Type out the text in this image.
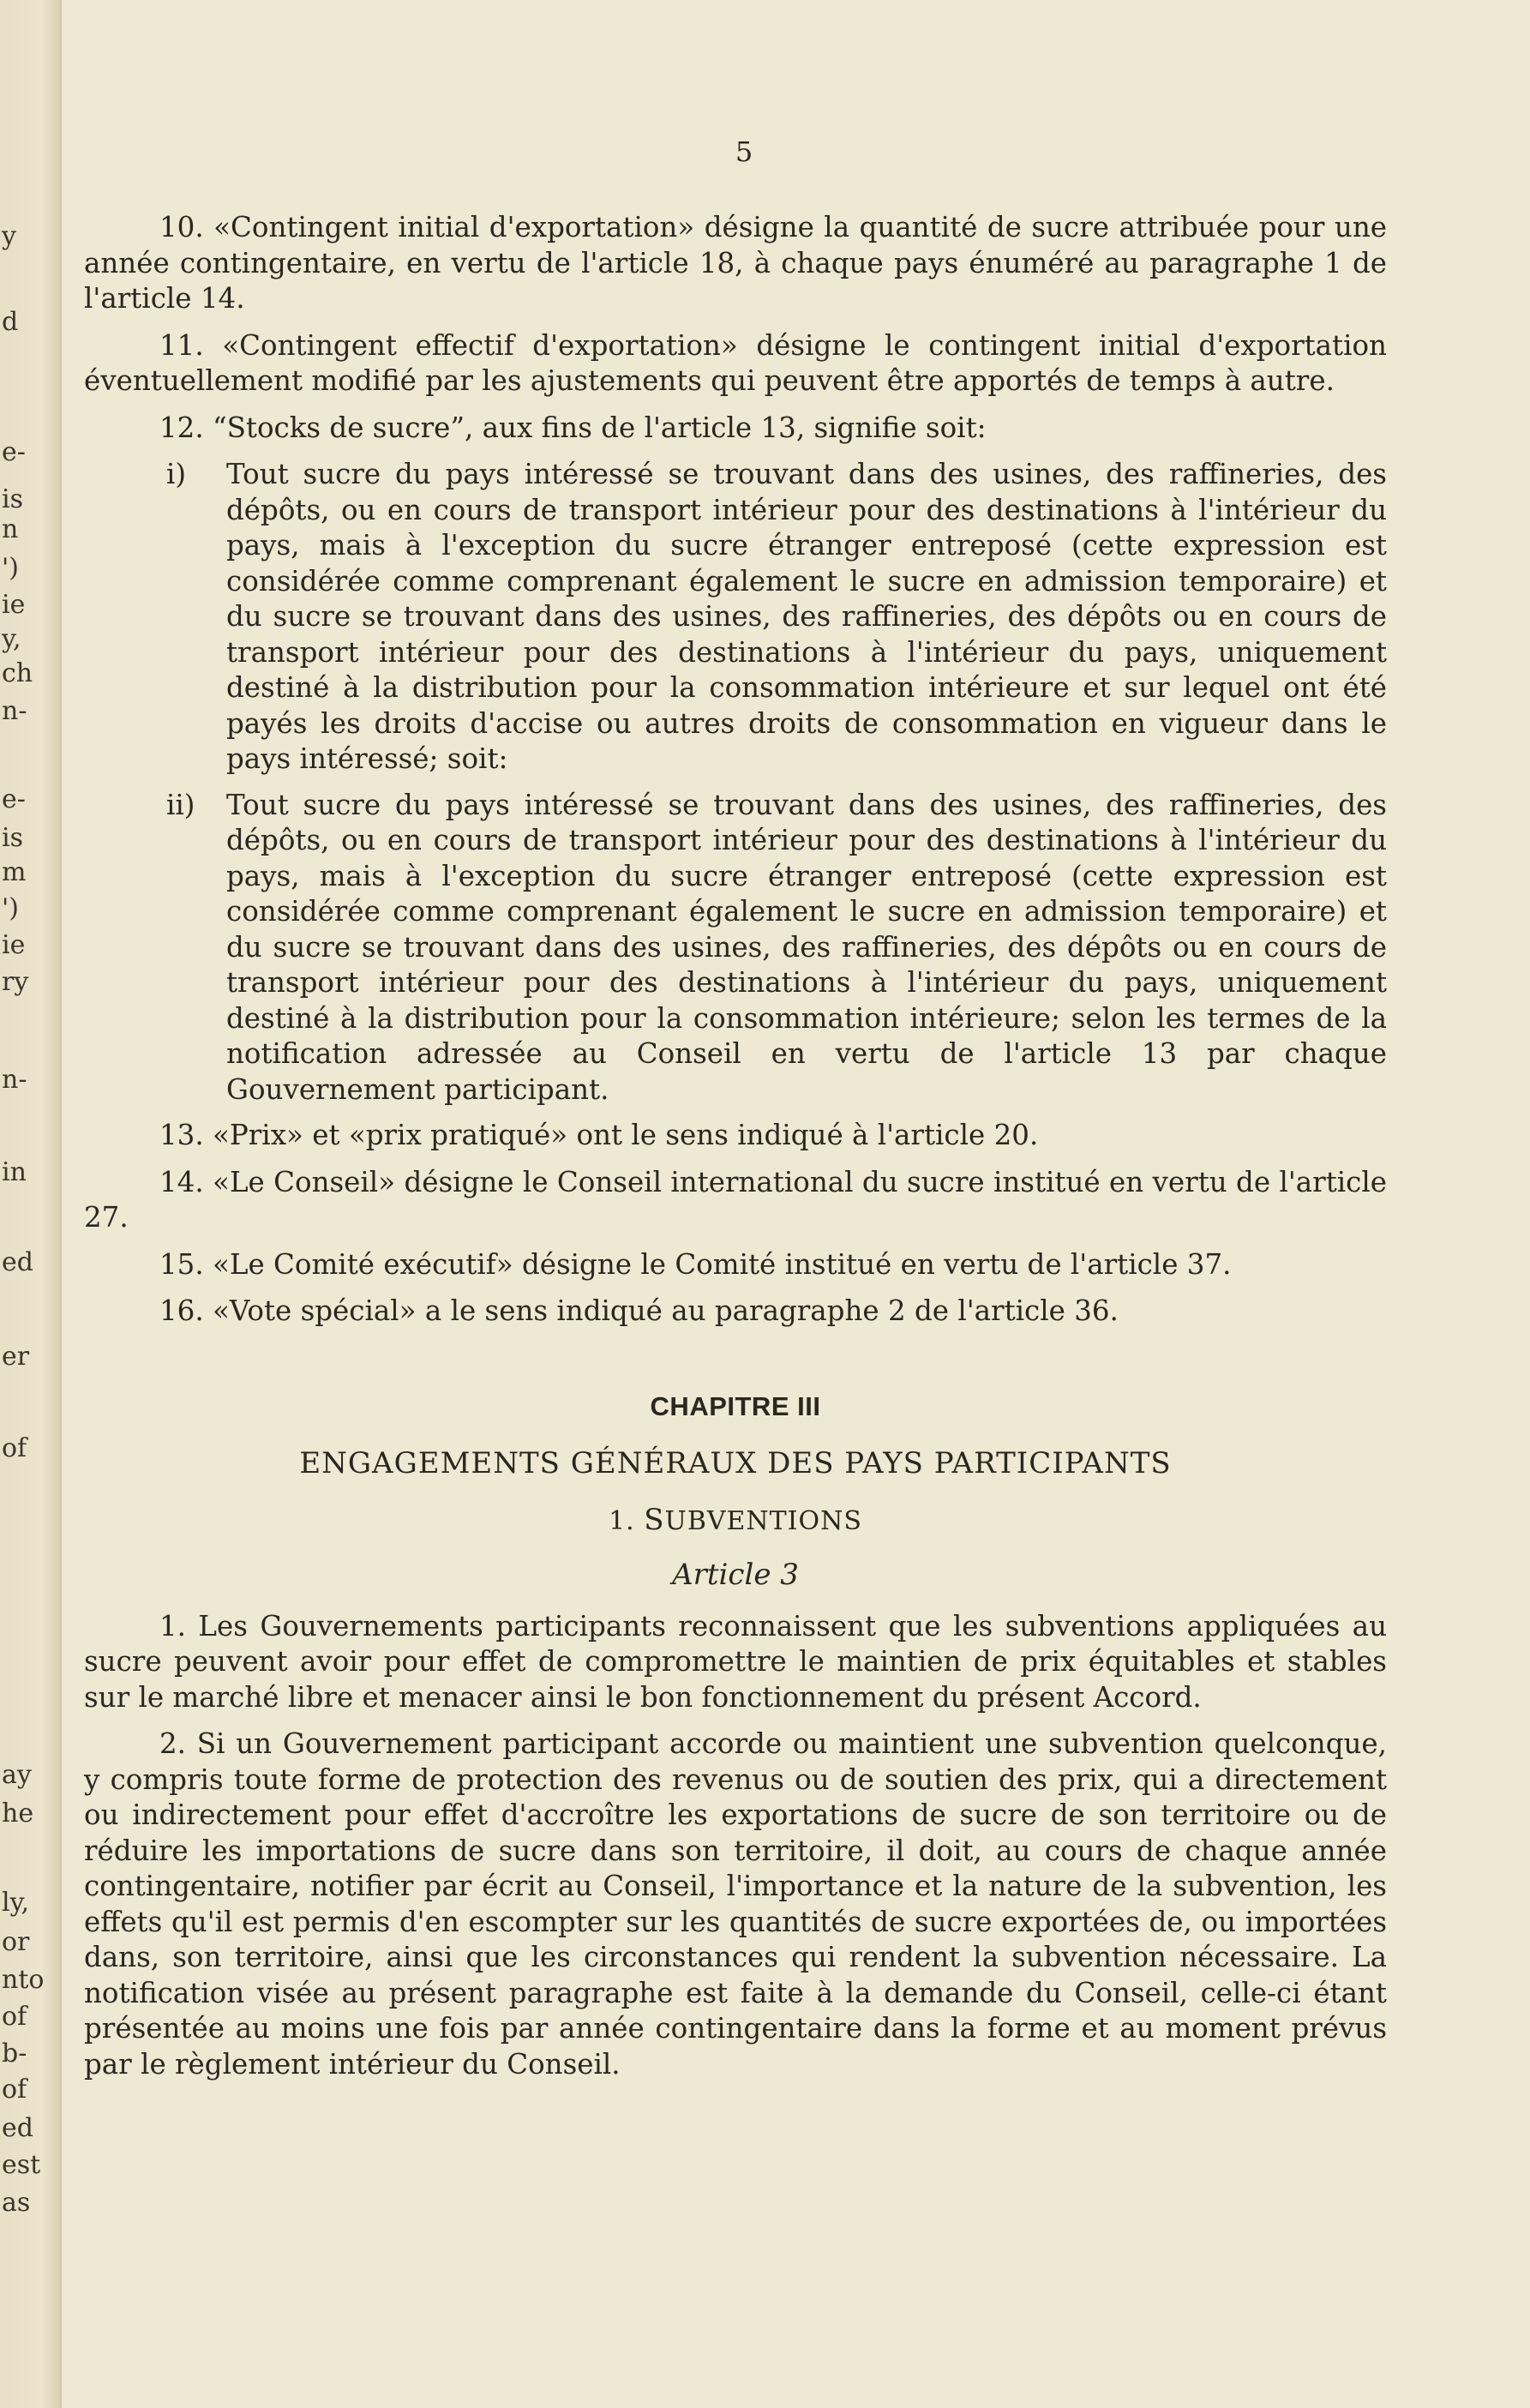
y
d
e-
is
n
')
ie
y,
ch
n-
e-
is
m
')
ie
ry
n-
in
ed
er
of
ay
he
ly,
or
nto
of
b-
of
ed
est
as
5

10. «Contingent initial d'exportation» désigne la quantité de sucre attribuée pour une année contingentaire, en vertu de l'article 18, à chaque pays énuméré au paragraphe 1 de l'article 14.

11. «Contingent effectif d'exportation» désigne le contingent initial d'exportation éventuellement modifié par les ajustements qui peuvent être apportés de temps à autre.

12. “Stocks de sucre”, aux fins de l'article 13, signifie soit:

i) Tout sucre du pays intéressé se trouvant dans des usines, des raffineries, des dépôts, ou en cours de transport intérieur pour des destinations à l'intérieur du pays, mais à l'exception du sucre étranger entreposé (cette expression est considérée comme comprenant également le sucre en admission temporaire) et du sucre se trouvant dans des usines, des raffineries, des dépôts ou en cours de transport intérieur pour des destinations à l'intérieur du pays, uniquement destiné à la distribution pour la consommation intérieure et sur lequel ont été payés les droits d'accise ou autres droits de consommation en vigueur dans le pays intéressé; soit:

ii) Tout sucre du pays intéressé se trouvant dans des usines, des raffineries, des dépôts, ou en cours de transport intérieur pour des destinations à l'intérieur du pays, mais à l'exception du sucre étranger entreposé (cette expression est considérée comme comprenant également le sucre en admission temporaire) et du sucre se trouvant dans des usines, des raffineries, des dépôts ou en cours de transport intérieur pour des destinations à l'intérieur du pays, uniquement destiné à la distribution pour la consommation intérieure; selon les termes de la notification adressée au Conseil en vertu de l'article 13 par chaque Gouvernement participant.

13. «Prix» et «prix pratiqué» ont le sens indiqué à l'article 20.

14. «Le Conseil» désigne le Conseil international du sucre institué en vertu de l'article 27.

15. «Le Comité exécutif» désigne le Comité institué en vertu de l'article 37.

16. «Vote spécial» a le sens indiqué au paragraphe 2 de l'article 36.

CHAPITRE III
ENGAGEMENTS GÉNÉRAUX DES PAYS PARTICIPANTS
1. SUBVENTIONS
Article 3

1. Les Gouvernements participants reconnaissent que les subventions appliquées au sucre peuvent avoir pour effet de compromettre le maintien de prix équitables et stables sur le marché libre et menacer ainsi le bon fonctionnement du présent Accord.

2. Si un Gouvernement participant accorde ou maintient une subvention quelconque, y compris toute forme de protection des revenus ou de soutien des prix, qui a directement ou indirectement pour effet d'accroître les exportations de sucre de son territoire ou de réduire les importations de sucre dans son territoire, il doit, au cours de chaque année contingentaire, notifier par écrit au Conseil, l'importance et la nature de la subvention, les effets qu'il est permis d'en escompter sur les quantités de sucre exportées de, ou importées dans, son territoire, ainsi que les circonstances qui rendent la subvention nécessaire. La notification visée au présent paragraphe est faite à la demande du Conseil, celle-ci étant présentée au moins une fois par année contingentaire dans la forme et au moment prévus par le règlement intérieur du Conseil.
